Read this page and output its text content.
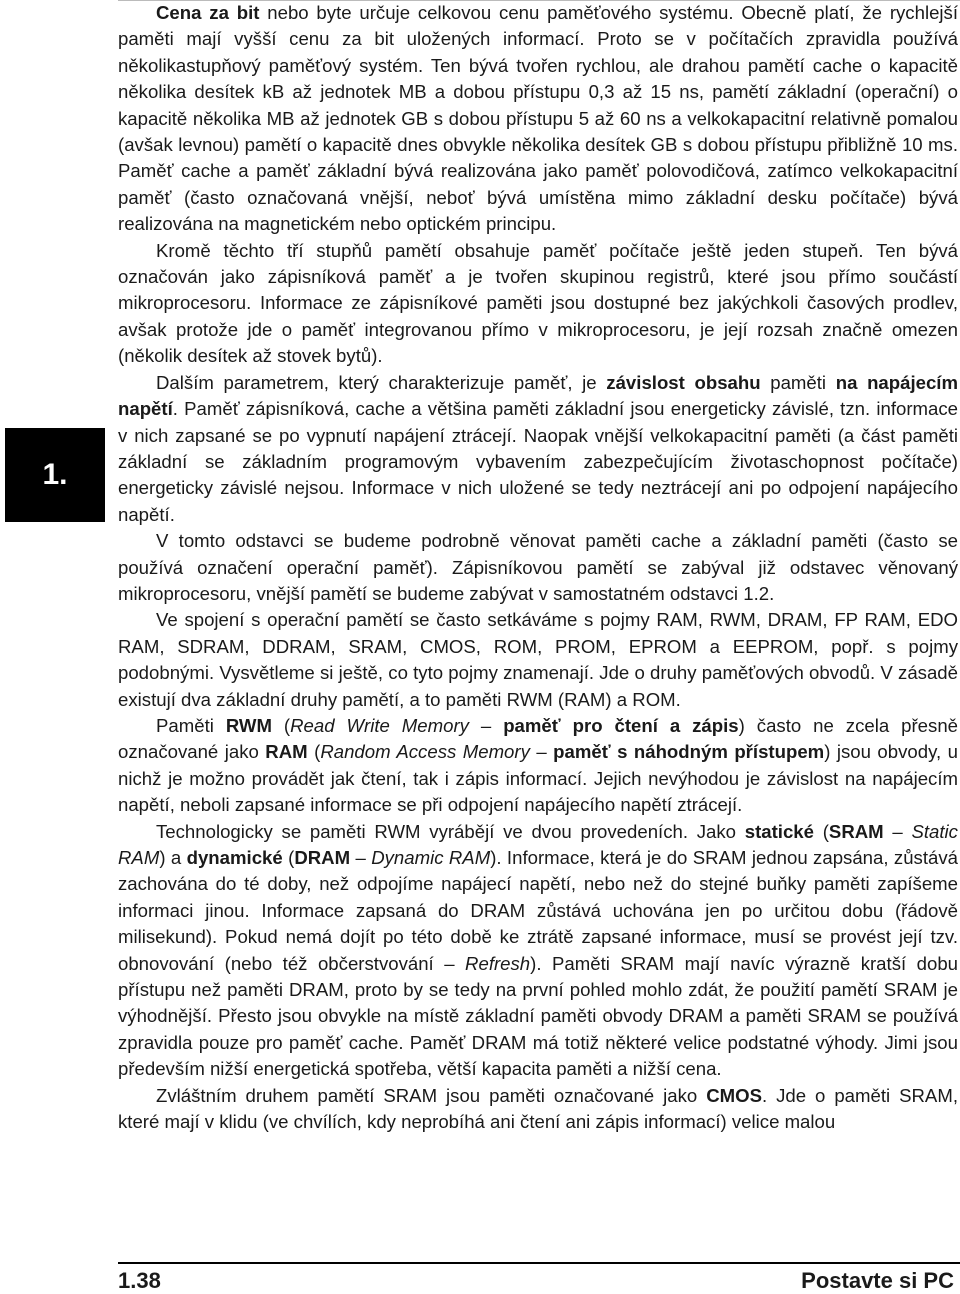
1.

Cena za bit nebo byte určuje celkovou cenu paměťového systému. Obecně platí, že rychlejší paměti mají vyšší cenu za bit uložených informací. Proto se v počítačích zpravidla používá několikastupňový paměťový systém. Ten bývá tvořen rychlou, ale drahou pamětí cache o kapacitě několika desítek kB až jednotek MB a dobou přístupu 0,3 až 15 ns, pamětí základní (operační) o kapacitě několika MB až jednotek GB s dobou přístupu 5 až 60 ns a velkokapacitní relativně pomalou (avšak levnou) pamětí o kapacitě dnes obvykle několika desítek GB s dobou přístupu přibližně 10 ms. Paměť cache a paměť základní bývá realizována jako paměť polovodičová, zatímco velkokapacitní paměť (často označovaná vnější, neboť bývá umístěna mimo základní desku počítače) bývá realizována na magnetickém nebo optickém principu.

Kromě těchto tří stupňů pamětí obsahuje paměť počítače ještě jeden stupeň. Ten bývá označován jako zápisníková paměť a je tvořen skupinou registrů, které jsou přímo součástí mikroprocesoru. Informace ze zápisníkové paměti jsou dostupné bez jakýchkoli časových prodlev, avšak protože jde o paměť integrovanou přímo v mikroprocesoru, je její rozsah značně omezen (několik desítek až stovek bytů).

Dalším parametrem, který charakterizuje paměť, je závislost obsahu paměti na napájecím napětí. Paměť zápisníková, cache a většina paměti základní jsou energeticky závislé, tzn. informace v nich zapsané se po vypnutí napájení ztrácejí. Naopak vnější velkokapacitní paměti (a část paměti základní se základním programovým vybavením zabezpečujícím životaschopnost počítače) energeticky závislé nejsou. Informace v nich uložené se tedy neztrácejí ani po odpojení napájecího napětí.

V tomto odstavci se budeme podrobně věnovat paměti cache a základní paměti (často se používá označení operační paměť). Zápisníkovou pamětí se zabýval již odstavec věnovaný mikroprocesoru, vnější pamětí se budeme zabývat v samostatném odstavci 1.2.

Ve spojení s operační pamětí se často setkáváme s pojmy RAM, RWM, DRAM, FP RAM, EDO RAM, SDRAM, DDRAM, SRAM, CMOS, ROM, PROM, EPROM a EEPROM, popř. s pojmy podobnými. Vysvětleme si ještě, co tyto pojmy znamenají. Jde o druhy paměťových obvodů. V zásadě existují dva základní druhy pamětí, a to paměti RWM (RAM) a ROM.

Paměti RWM (Read Write Memory – paměť pro čtení a zápis) často ne zcela přesně označované jako RAM (Random Access Memory – paměť s náhodným přístupem) jsou obvody, u nichž je možno provádět jak čtení, tak i zápis informací. Jejich nevýhodou je závislost na napájecím napětí, neboli zapsané informace se při odpojení napájecího napětí ztrácejí.

Technologicky se paměti RWM vyrábějí ve dvou provedeních. Jako statické (SRAM – Static RAM) a dynamické (DRAM – Dynamic RAM). Informace, která je do SRAM jednou zapsána, zůstává zachována do té doby, než odpojíme napájecí napětí, nebo než do stejné buňky paměti zapíšeme informaci jinou. Informace zapsaná do DRAM zůstává uchována jen po určitou dobu (řádově milisekund). Pokud nemá dojít po této době ke ztrátě zapsané informace, musí se provést její tzv. obnovování (nebo též občerstvování – Refresh). Paměti SRAM mají navíc výrazně kratší dobu přístupu než paměti DRAM, proto by se tedy na první pohled mohlo zdát, že použití pamětí SRAM je výhodnější. Přesto jsou obvykle na místě základní paměti obvody DRAM a paměti SRAM se používá zpravidla pouze pro paměť cache. Paměť DRAM má totiž některé velice podstatné výhody. Jimi jsou především nižší energetická spotřeba, větší kapacita paměti a nižší cena.

Zvláštním druhem pamětí SRAM jsou paměti označované jako CMOS. Jde o paměti SRAM, které mají v klidu (ve chvílích, kdy neprobíhá ani čtení ani zápis informací) velice malou

1.38	Postavte si PC
